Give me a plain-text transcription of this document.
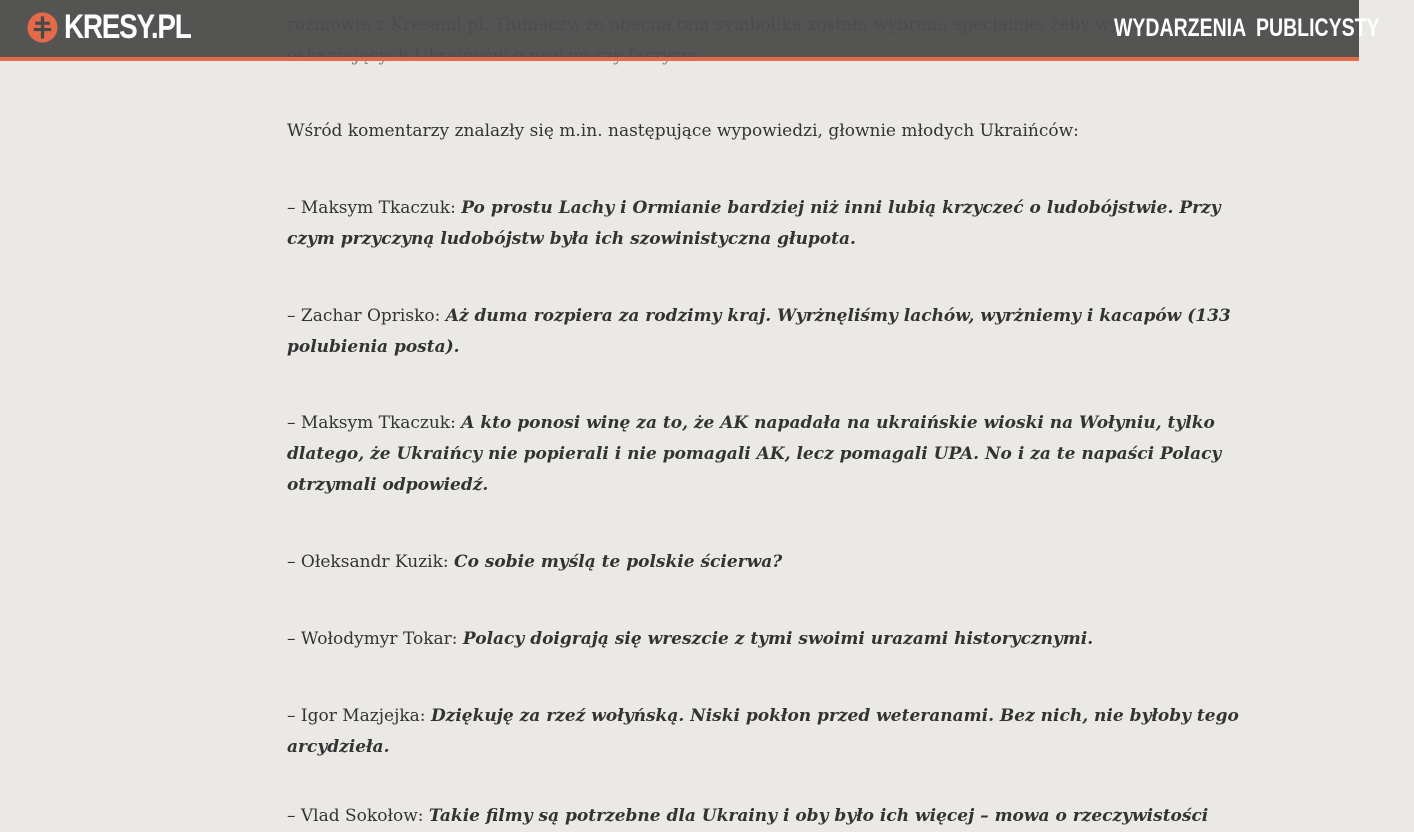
Wśród komentarzy znalazły się m.in. następujące wypowiedzi, głownie młodych Ukraińców:

– Maksym Tkaczuk: Po prostu Lachy i Ormianie bardziej niż inni lubią krzyczeć o ludobójstwie. Przy czym przyczyną ludobójstw była ich szowinistyczna głupota.

– Zachar Oprisko: Aż duma rozpiera za rodzimy kraj. Wyrżnęliśmy lachów, wyrżniemy i kacapów (133 polubienia posta).

– Maksym Tkaczuk: A kto ponosi winę za to, że AK napadała na ukraińskie wioski na Wołyniu, tylko dlatego, że Ukraińcy nie popierali i nie pomagali AK, lecz pomagali UPA. No i za te napaści Polacy otrzymali odpowiedź.

– Ołeksandr Kuzik: Co sobie myślą te polskie ścierwa?

– Wołodymyr Tokar: Polacy doigrają się wreszcie z tymi swoimi urazami historycznymi.

– Igor Mazjejka: Dziękuję za rzeź wołyńską. Niski pokłon przed weteranami. Bez nich, nie byłoby tego arcydzieła.

– Vlad Sokołow: Takie filmy są potrzebne dla Ukrainy i oby było ich więcej – mowa o rzeczywistości

KRESY.PL	WYDARZENIA PUBLICYSTY
